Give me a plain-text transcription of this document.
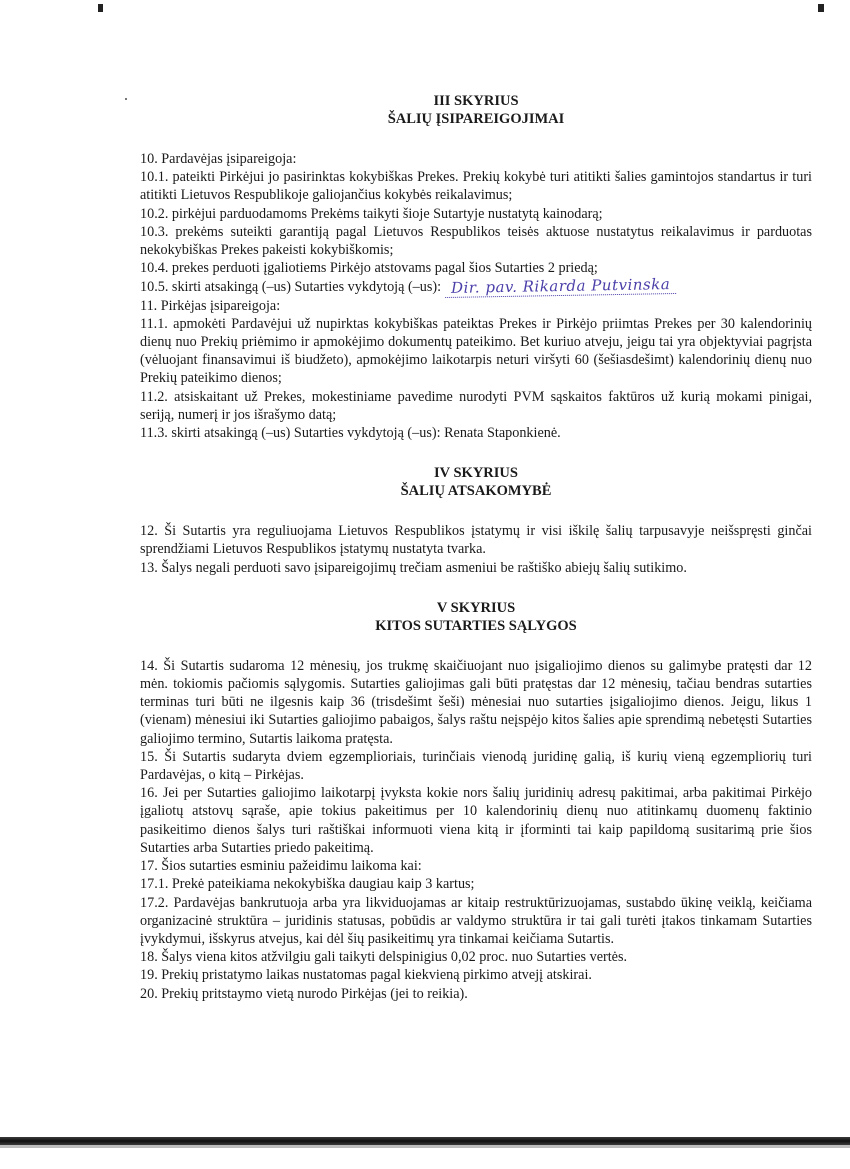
III SKYRIUS
ŠALIŲ ĮSIPAREIGOJIMAI
10. Pardavėjas įsipareigoja:
10.1. pateikti Pirkėjui jo pasirinktas kokybiškas Prekes. Prekių kokybė turi atitikti šalies gamintojos standartus ir turi atitikti Lietuvos Respublikoje galiojančius kokybės reikalavimus;
10.2. pirkėjui parduodamoms Prekėms taikyti šioje Sutartyje nustatytą kainodarą;
10.3. prekėms suteikti garantiją pagal Lietuvos Respublikos teisės aktuose nustatytus reikalavimus ir parduotas nekokybiškas Prekes pakeisti kokybiškomis;
10.4. prekes perduoti įgaliotiems Pirkėjo atstovams pagal šios Sutarties 2 priedą;
10.5. skirti atsakingą (–us) Sutarties vykdytoją (–us): Dir. pav. Rikarda Putvinska
11. Pirkėjas įsipareigoja:
11.1. apmokėti Pardavėjui už nupirktas kokybiškas pateiktas Prekes ir Pirkėjo priimtas Prekes per 30 kalendorinių dienų nuo Prekių priėmimo ir apmokėjimo dokumentų pateikimo. Bet kuriuo atveju, jeigu tai yra objektyviai pagrįsta (vėluojant finansavimui iš biudžeto), apmokėjimo laikotarpis neturi viršyti 60 (šešiasdešimt) kalendorinių dienų nuo Prekių pateikimo dienos;
11.2. atsiskaitant už Prekes, mokestiniame pavedime nurodyti PVM sąskaitos faktūros už kurią mokami pinigai, seriją, numerį ir jos išrašymo datą;
11.3. skirti atsakingą (–us) Sutarties vykdytoją (–us): Renata Staponkienė.
IV SKYRIUS
ŠALIŲ ATSAKOMYBĖ
12. Ši Sutartis yra reguliuojama Lietuvos Respublikos įstatymų ir visi iškilę šalių tarpusavyje neišspręsti ginčai sprendžiami Lietuvos Respublikos įstatymų nustatyta tvarka.
13. Šalys negali perduoti savo įsipareigojimų trečiam asmeniui be raštiško abiejų šalių sutikimo.
V SKYRIUS
KITOS SUTARTIES SĄLYGOS
14. Ši Sutartis sudaroma 12 mėnesių, jos trukmę skaičiuojant nuo įsigaliojimo dienos su galimybe pratęsti dar 12 mėn. tokiomis pačiomis sąlygomis. Sutarties galiojimas gali būti pratęstas dar 12 mėnesių, tačiau bendras sutarties terminas turi būti ne ilgesnis kaip 36 (trisdešimt šeši) mėnesiai nuo sutarties įsigaliojimo dienos. Jeigu, likus 1 (vienam) mėnesiui iki Sutarties galiojimo pabaigos, šalys raštu neįspėjo kitos šalies apie sprendimą nebetęsti Sutarties galiojimo termino, Sutartis laikoma pratęsta.
15. Ši Sutartis sudaryta dviem egzemplioriais, turinčiais vienodą juridinę galią, iš kurių vieną egzempliorių turi Pardavėjas, o kitą – Pirkėjas.
16. Jei per Sutarties galiojimo laikotarpį įvyksta kokie nors šalių juridinių adresų pakitimai, arba pakitimai Pirkėjo įgaliotų atstovų sąraše, apie tokius pakeitimus per 10 kalendorinių dienų nuo atitinkamų duomenų faktinio pasikeitimo dienos šalys turi raštiškai informuoti viena kitą ir įforminti tai kaip papildomą susitarimą prie šios Sutarties arba Sutarties priedo pakeitimą.
17. Šios sutarties esminiu pažeidimu laikoma kai:
17.1. Prekė pateikiama nekokybiška daugiau kaip 3 kartus;
17.2. Pardavėjas bankrutuoja arba yra likviduojamas ar kitaip restruktūrizuojamas, sustabdo ūkinę veiklą, keičiama organizacinė struktūra – juridinis statusas, pobūdis ar valdymo struktūra ir tai gali turėti įtakos tinkamam Sutarties įvykdymui, išskyrus atvejus, kai dėl šių pasikeitimų yra tinkamai keičiama Sutartis.
18. Šalys viena kitos atžvilgiu gali taikyti delspinigius 0,02 proc. nuo Sutarties vertės.
19. Prekių pristatymo laikas nustatomas pagal kiekvieną pirkimo atvejį atskirai.
20. Prekių pritstaymo vietą nurodo Pirkėjas (jei to reikia).
